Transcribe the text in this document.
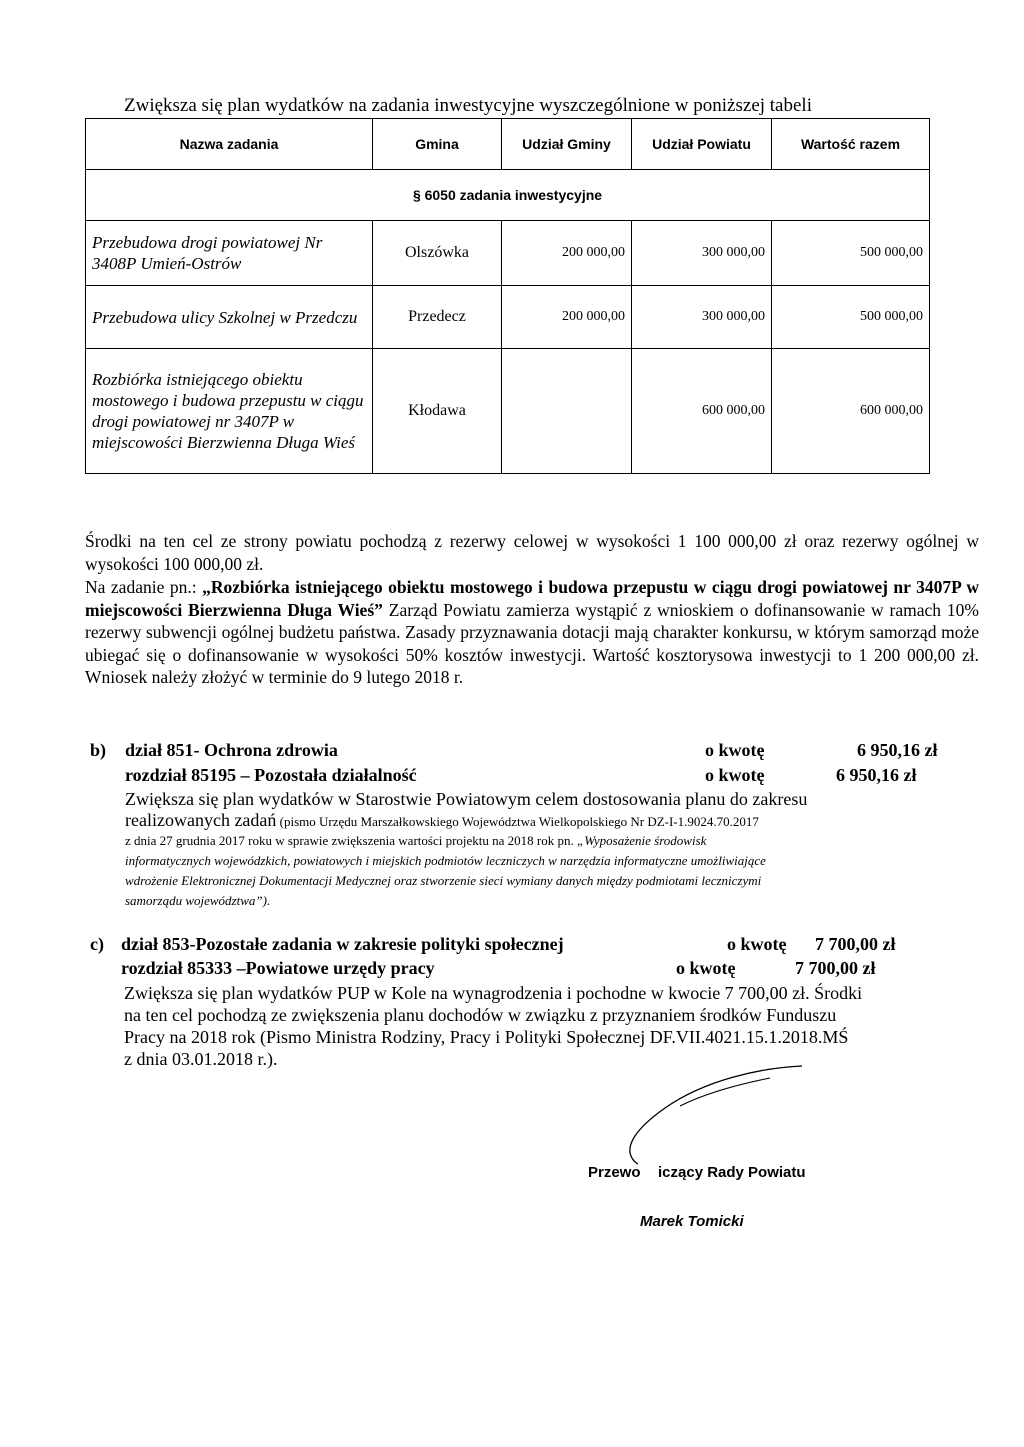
Zwiększa się plan wydatków na zadania inwestycyjne wyszczególnione w poniższej tabeli
Nazwa zadania	Gmina	Udział Gminy	Udział Powiatu	Wartość razem
§ 6050 zadania inwestycyjne				
Przebudowa drogi powiatowej Nr 3408P Umień-Ostrów	Olszówka	200 000,00	300 000,00	500 000,00
Przebudowa ulicy Szkolnej w Przedczu	Przedecz	200 000,00	300 000,00	500 000,00
Rozbiórka istniejącego obiektu mostowego i budowa przepustu w ciągu drogi powiatowej nr 3407P w miejscowości Bierzwienna Długa Wieś	Kłodawa		600 000,00	600 000,00
Środki na ten cel ze strony powiatu pochodzą z rezerwy celowej w wysokości 1 100 000,00 zł oraz rezerwy ogólnej w wysokości 100 000,00 zł.
Na zadanie pn.: „Rozbiórka istniejącego obiektu mostowego i budowa przepustu w ciągu drogi powiatowej nr 3407P w miejscowości Bierzwienna Długa Wieś” Zarząd Powiatu zamierza wystąpić z wnioskiem o dofinansowanie w ramach 10% rezerwy subwencji ogólnej budżetu państwa. Zasady przyznawania dotacji mają charakter konkursu, w którym samorząd może ubiegać się o dofinansowanie w wysokości 50% kosztów inwestycji. Wartość kosztorysowa inwestycji to 1 200 000,00 zł. Wniosek należy złożyć w terminie do 9 lutego 2018 r.
b) dział 851- Ochrona zdrowia	o kwotę	6 950,16 zł
rozdział 85195 – Pozostała działalność	o kwotę	6 950,16 zł
Zwiększa się plan wydatków w Starostwie Powiatowym celem dostosowania planu do zakresu
realizowanych zadań (pismo Urzędu Marszałkowskiego Województwa Wielkopolskiego Nr DZ-I-1.9024.70.2017
z dnia 27 grudnia 2017 roku w sprawie zwiększenia wartości projektu na 2018 rok pn. „Wyposażenie środowisk
informatycznych wojewódzkich, powiatowych i miejskich podmiotów leczniczych w narzędzia informatyczne umożliwiające
wdrożenie Elektronicznej Dokumentacji Medycznej oraz stworzenie sieci wymiany danych między podmiotami leczniczymi
samorządu województwa”).
c) dział 853-Pozostałe zadania w zakresie polityki społecznej	o kwotę 7 700,00 zł
rozdział 85333 –Powiatowe urzędy pracy	o kwotę	7 700,00 zł
Zwiększa się plan wydatków PUP w Kole na wynagrodzenia i pochodne w kwocie 7 700,00 zł. Środki
na ten cel pochodzą ze zwiększenia planu dochodów w związku z przyznaniem środków Funduszu
Pracy na 2018 rok (Pismo Ministra Rodziny, Pracy i Polityki Społecznej DF.VII.4021.15.1.2018.MŚ
z dnia 03.01.2018 r.).
Przewo iczący Rady Powiatu
Marek Tomicki
